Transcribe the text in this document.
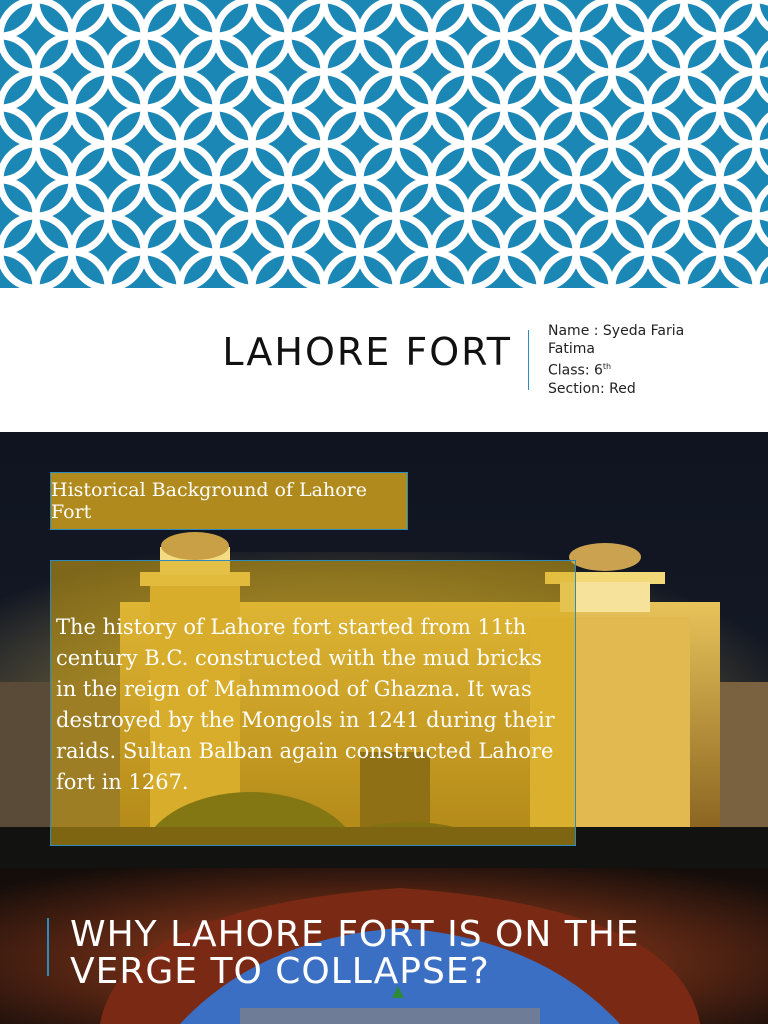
LAHORE FORT	Name : Syeda Faria
Fatima
Class: 6th
Section: Red
Historical Background of Lahore Fort
The history of Lahore fort started from 11th century B.C. constructed with the mud bricks in the reign of Mahmmood of Ghazna. It was destroyed by the Mongols in 1241 during their raids. Sultan Balban again constructed Lahore fort in 1267.
WHY LAHORE FORT IS ON THE VERGE TO COLLAPSE?
